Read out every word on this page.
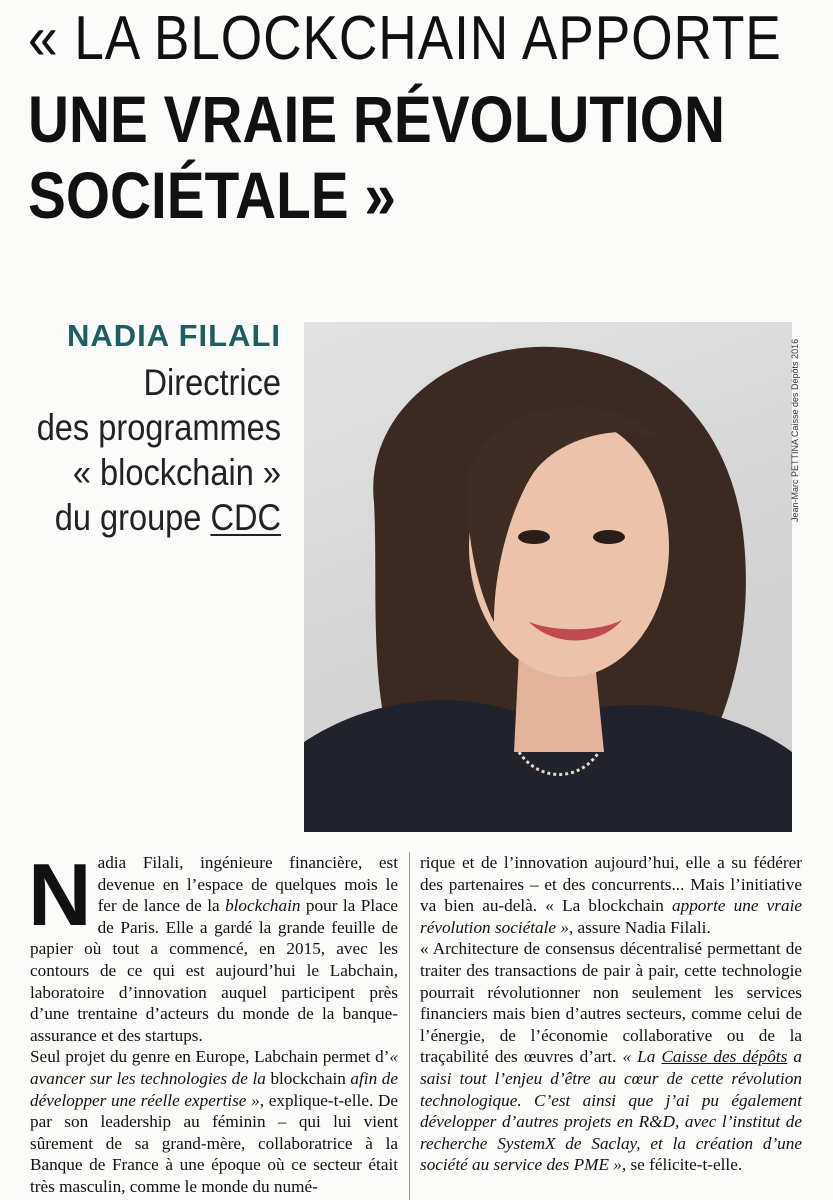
« LA BLOCKCHAIN APPORTE
UNE VRAIE RÉVOLUTION
SOCIÉTALE »
NADIA FILALI
Directrice
des programmes
« blockchain »
du groupe CDC	Jean-Marc PETTINA Caisse des Dépôts 2016

Nadia Filali, ingénieure financière, est devenue en l’espace de quelques mois le fer de lance de la blockchain pour la Place de Paris. Elle a gardé la grande feuille de papier où tout a commencé, en 2015, avec les contours de ce qui est aujourd’hui le Labchain, laboratoire d’innovation auquel participent près d’une trentaine d’acteurs du monde de la banque-assurance et des startups.

Seul projet du genre en Europe, Labchain permet d’« avancer sur les technologies de la blockchain afin de développer une réelle expertise », explique-t-elle. De par son leadership au féminin – qui lui vient sûrement de sa grand-mère, collaboratrice à la Banque de France à une époque où ce secteur était très masculin, comme le monde du numé-

rique et de l’innovation aujourd’hui, elle a su fédérer des partenaires – et des concurrents... Mais l’initiative va bien au-delà. « La blockchain apporte une vraie révolution sociétale », assure Nadia Filali.

« Architecture de consensus décentralisé permettant de traiter des transactions de pair à pair, cette technologie pourrait révolutionner non seulement les services financiers mais bien d’autres secteurs, comme celui de l’énergie, de l’économie collaborative ou de la traçabilité des œuvres d’art. « La Caisse des dépôts a saisi tout l’enjeu d’être au cœur de cette révolution technologique. C’est ainsi que j’ai pu également développer d’autres projets en R&D, avec l’institut de recherche SystemX de Saclay, et la création d’une société au service des PME », se félicite-t-elle.
